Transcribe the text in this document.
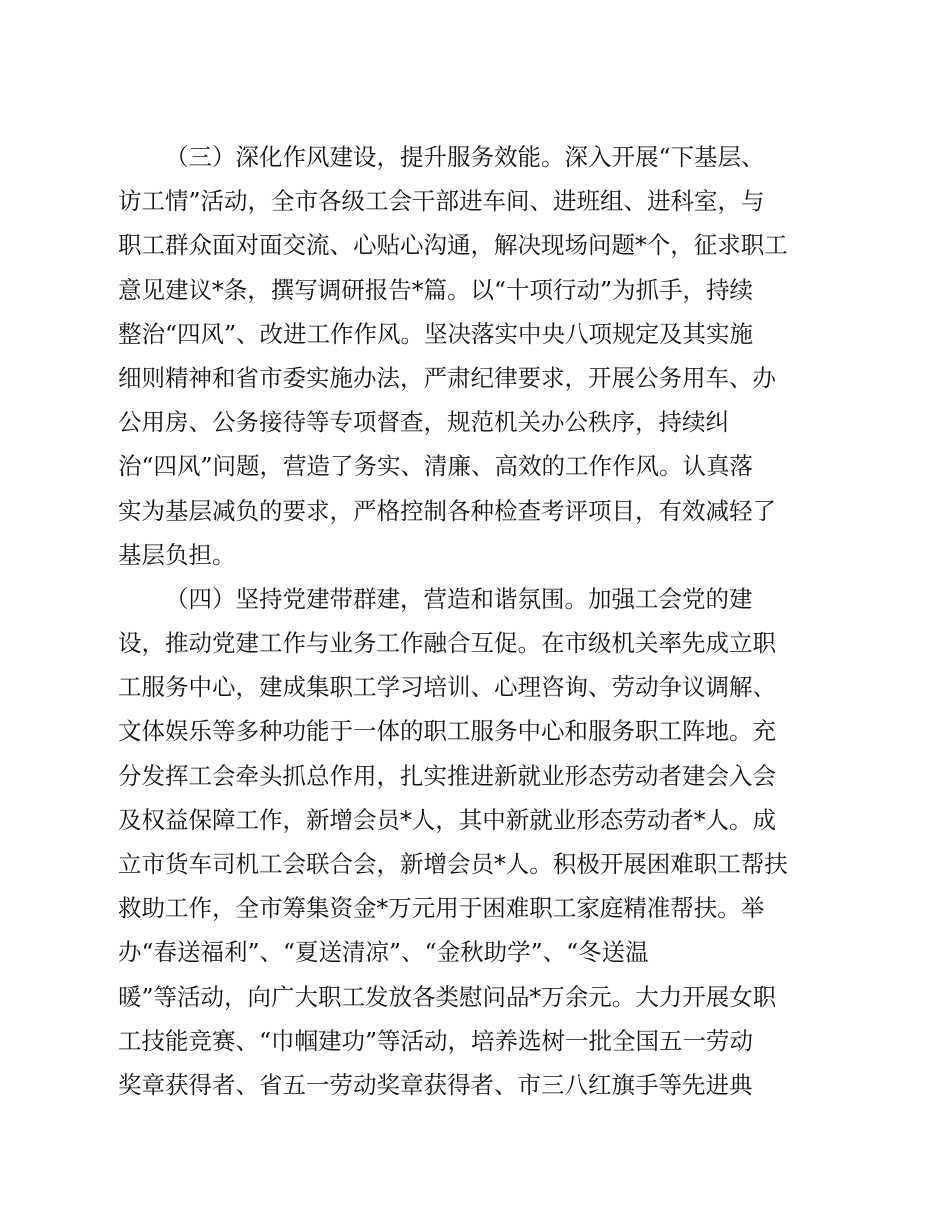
（三）深化作风建设，提升服务效能。深入开展“下基层、
访工情”活动，全市各级工会干部进车间、进班组、进科室，与
职工群众面对面交流、心贴心沟通，解决现场问题*个，征求职工
意见建议*条，撰写调研报告*篇。以“十项行动”为抓手，持续
整治“四风”、改进工作作风。坚决落实中央八项规定及其实施
细则精神和省市委实施办法，严肃纪律要求，开展公务用车、办
公用房、公务接待等专项督查，规范机关办公秩序，持续纠
治“四风”问题，营造了务实、清廉、高效的工作作风。认真落
实为基层减负的要求，严格控制各种检查考评项目，有效减轻了
基层负担。
（四）坚持党建带群建，营造和谐氛围。加强工会党的建
设，推动党建工作与业务工作融合互促。在市级机关率先成立职
工服务中心，建成集职工学习培训、心理咨询、劳动争议调解、
文体娱乐等多种功能于一体的职工服务中心和服务职工阵地。充
分发挥工会牵头抓总作用，扎实推进新就业形态劳动者建会入会
及权益保障工作，新增会员*人，其中新就业形态劳动者*人。成
立市货车司机工会联合会，新增会员*人。积极开展困难职工帮扶
救助工作，全市筹集资金*万元用于困难职工家庭精准帮扶。举
办“春送福利”、“夏送清凉”、“金秋助学”、“冬送温
暖”等活动，向广大职工发放各类慰问品*万余元。大力开展女职
工技能竞赛、“巾帼建功”等活动，培养选树一批全国五一劳动
奖章获得者、省五一劳动奖章获得者、市三八红旗手等先进典
